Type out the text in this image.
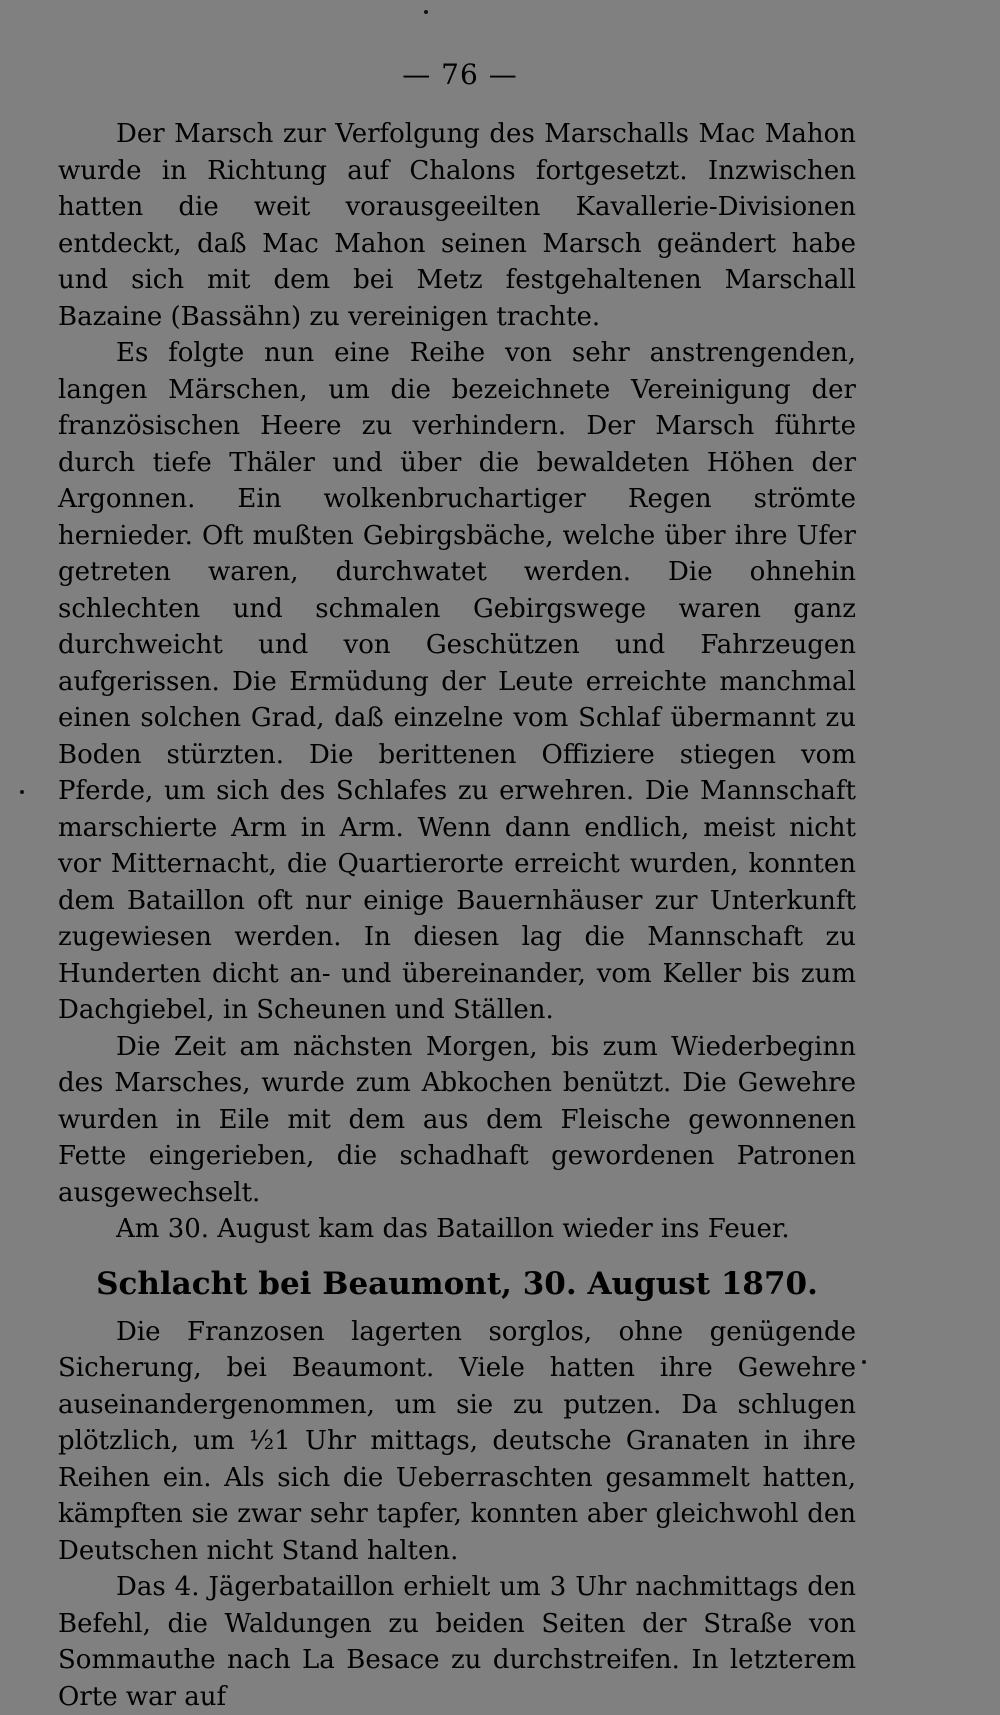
— 76 —

Der Marsch zur Verfolgung des Marschalls Mac Mahon wurde in Richtung auf Chalons fortgesetzt. Inzwischen hatten die weit vorausgeeilten Kavallerie-Divisionen entdeckt, daß Mac Mahon seinen Marsch geändert habe und sich mit dem bei Metz festgehaltenen Marschall Bazaine (Bassähn) zu vereinigen trachte.

Es folgte nun eine Reihe von sehr anstrengenden, langen Märschen, um die bezeichnete Vereinigung der französischen Heere zu verhindern. Der Marsch führte durch tiefe Thäler und über die bewaldeten Höhen der Argonnen. Ein wolkenbruchartiger Regen strömte hernieder. Oft mußten Gebirgsbäche, welche über ihre Ufer getreten waren, durchwatet werden. Die ohnehin schlechten und schmalen Gebirgswege waren ganz durchweicht und von Geschützen und Fahrzeugen aufgerissen. Die Ermüdung der Leute erreichte manchmal einen solchen Grad, daß einzelne vom Schlaf übermannt zu Boden stürzten. Die berittenen Offiziere stiegen vom Pferde, um sich des Schlafes zu erwehren. Die Mannschaft marschierte Arm in Arm. Wenn dann endlich, meist nicht vor Mitternacht, die Quartierorte erreicht wurden, konnten dem Bataillon oft nur einige Bauernhäuser zur Unterkunft zugewiesen werden. In diesen lag die Mannschaft zu Hunderten dicht an- und übereinander, vom Keller bis zum Dachgiebel, in Scheunen und Ställen.

Die Zeit am nächsten Morgen, bis zum Wiederbeginn des Marsches, wurde zum Abkochen benützt. Die Gewehre wurden in Eile mit dem aus dem Fleische gewonnenen Fette eingerieben, die schadhaft gewordenen Patronen ausgewechselt.

Am 30. August kam das Bataillon wieder ins Feuer.

Schlacht bei Beaumont, 30. August 1870.

Die Franzosen lagerten sorglos, ohne genügende Sicherung, bei Beaumont. Viele hatten ihre Gewehre auseinandergenommen, um sie zu putzen. Da schlugen plötzlich, um ½1 Uhr mittags, deutsche Granaten in ihre Reihen ein. Als sich die Ueberraschten gesammelt hatten, kämpften sie zwar sehr tapfer, konnten aber gleichwohl den Deutschen nicht Stand halten.

Das 4. Jägerbataillon erhielt um 3 Uhr nachmittags den Befehl, die Waldungen zu beiden Seiten der Straße von Sommauthe nach La Besace zu durchstreifen. In letzterem Orte war auf
